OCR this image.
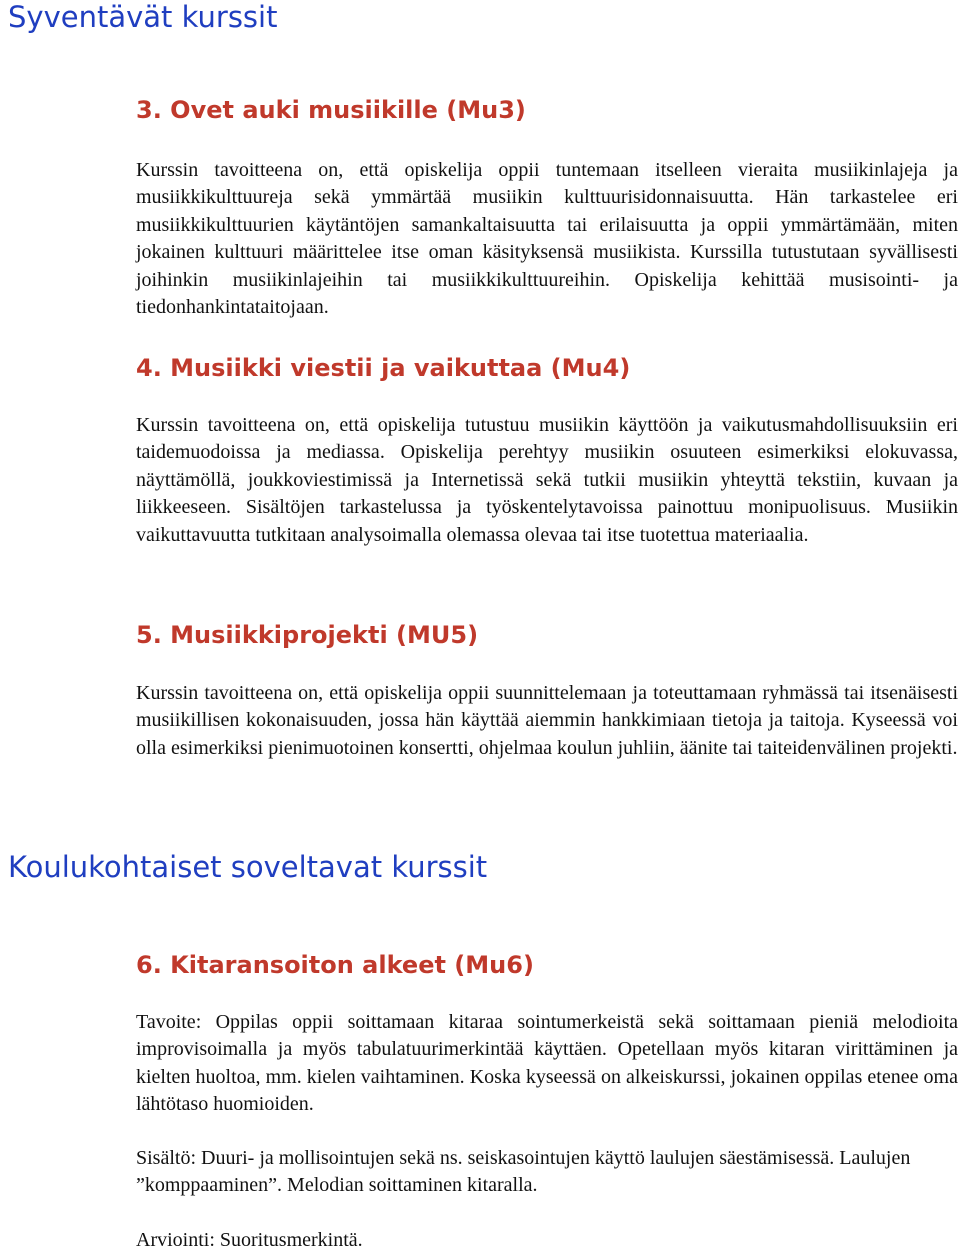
Syventävät kurssit
3. Ovet auki musiikille (Mu3)

Kurssin tavoitteena on, että opiskelija oppii tuntemaan itselleen vieraita musiikinlajeja ja musiikkikulttuureja sekä ymmärtää musiikin kulttuurisidonnaisuutta. Hän tarkastelee eri musiikkikulttuurien käytäntöjen samankaltaisuutta tai erilaisuutta ja oppii ymmärtämään, miten jokainen kulttuuri määrittelee itse oman käsityksensä musiikista. Kurssilla tutustutaan syvällisesti joihinkin musiikinlajeihin tai musiikkikulttuureihin. Opiskelija kehittää musisointi- ja tiedonhankintataitojaan.

4. Musiikki viestii ja vaikuttaa (Mu4)

Kurssin tavoitteena on, että opiskelija tutustuu musiikin käyttöön ja vaikutusmahdollisuuksiin eri taidemuodoissa ja mediassa. Opiskelija perehtyy musiikin osuuteen esimerkiksi elokuvassa, näyttämöllä, joukkoviestimissä ja Internetissä sekä tutkii musiikin yhteyttä tekstiin, kuvaan ja liikkeeseen. Sisältöjen tarkastelussa ja työskentelytavoissa painottuu monipuolisuus. Musiikin vaikuttavuutta tutkitaan analysoimalla olemassa olevaa tai itse tuotettua materiaalia.

5. Musiikkiprojekti (MU5)

Kurssin tavoitteena on, että opiskelija oppii suunnittelemaan ja toteuttamaan ryhmässä tai itsenäisesti musiikillisen kokonaisuuden, jossa hän käyttää aiemmin hankkimiaan tietoja ja taitoja. Kyseessä voi olla esimerkiksi pienimuotoinen konsertti, ohjelmaa koulun juhliin, äänite tai taiteidenvälinen projekti.

Koulukohtaiset soveltavat kurssit
6. Kitaransoiton alkeet (Mu6)

Tavoite: Oppilas oppii soittamaan kitaraa sointumerkeistä sekä soittamaan pieniä melodioita improvisoimalla ja myös tabulatuurimerkintää käyttäen. Opetellaan myös kitaran virittäminen ja kielten huoltoa, mm. kielen vaihtaminen. Koska kyseessä on alkeiskurssi, jokainen oppilas etenee oma lähtötaso huomioiden.

Sisältö: Duuri- ja mollisointujen sekä ns. seiskasointujen käyttö laulujen säestämisessä. Laulujen ”komppaaminen”. Melodian soittaminen kitaralla.

Arviointi: Suoritusmerkintä.
